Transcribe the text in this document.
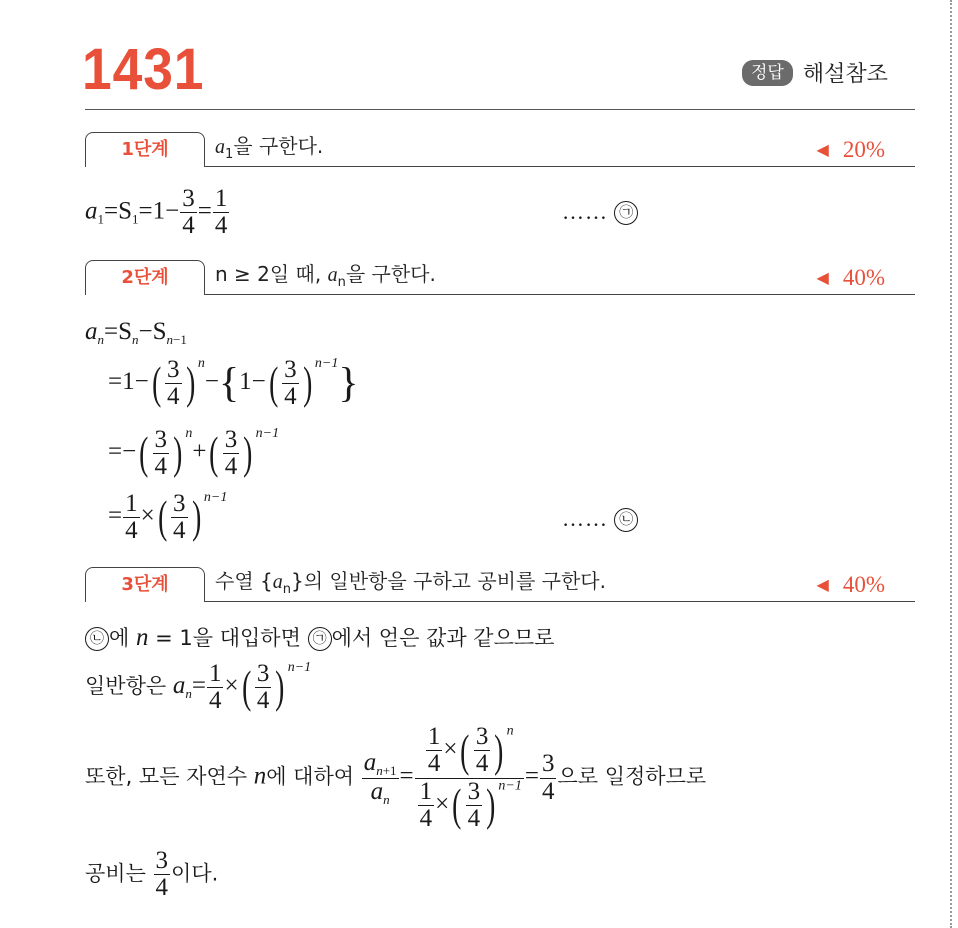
1431	정답 해설참조
1단계	$a_1$을 구한다.	◀ 20%
$a_1=S_1=1- \frac{3}{4} = \frac{1}{4}$	…… ㉠
2단계	n ≥ 2일 때, $a_n$을 구한다.	◀ 40%
$a_n=S_n-S_{n-1}$
$=1-( \frac{3}{4}$ ) $^n-\{1-( \frac{3}{4}$ ) $^{n-1}$}
=−( $\frac{3}{4}$ ) $^n+( \frac{3}{4}$ ) $^{n-1}$
= $\frac{1}{4}$ ×( $\frac{3}{4}$ ) $^{n-1}$
…… ㉡
3단계	수열 $\{a_n\}$의 일반항을 구하고 공비를 구한다.	◀ 40%
㉡ 에 n = 1을 대입하면 ㉠ 에서 얻은 값과 같으므로
일반항은 $a_n= \frac{1}{4}$ ×( $\frac{3}{4}$ ) $^{n-1}$
또한, 모든 자연수 n에 대하여 $\frac{a_{n+1}}{a_n} = \frac{\frac{1}{4} \times( \frac{3}{4} ) ^n}{\frac{1}{4} \times( \frac{3}{4} ) ^{n-1}} = \frac{3}{4}$ 으로 일정하므로
공비는 $\frac{3}{4}$ 이다.
